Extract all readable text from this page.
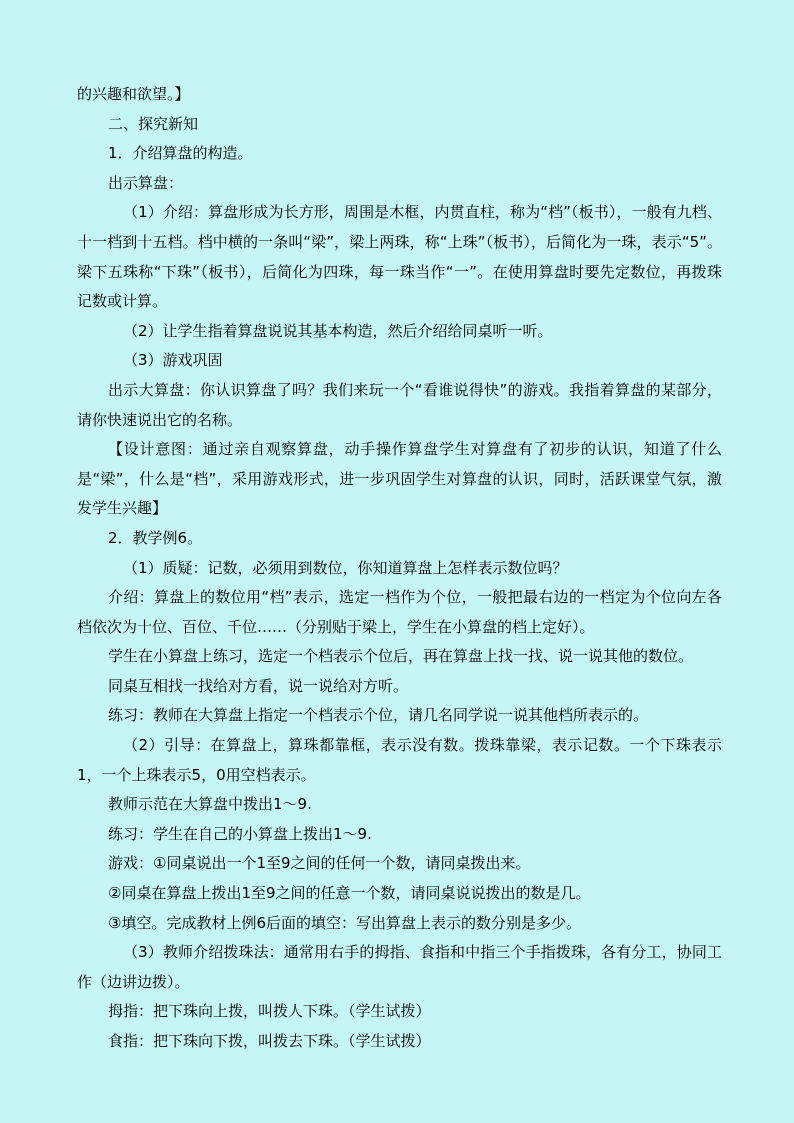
的兴趣和欲望。】

二、探究新知

1．介绍算盘的构造。

出示算盘：

（1）介绍：算盘形成为长方形，周围是木框，内贯直柱，称为“档”（板书），一般有九档、十一档到十五档。档中横的一条叫“梁”，梁上两珠，称“上珠”（板书），后简化为一珠，表示“5”。梁下五珠称“下珠”（板书），后简化为四珠，每一珠当作“一”。在使用算盘时要先定数位，再拨珠记数或计算。

（2）让学生指着算盘说说其基本构造，然后介绍给同桌听一听。

（3）游戏巩固

出示大算盘：你认识算盘了吗？我们来玩一个“看谁说得快”的游戏。我指着算盘的某部分，请你快速说出它的名称。

【设计意图：通过亲自观察算盘，动手操作算盘学生对算盘有了初步的认识，知道了什么是“梁”，什么是“档”，采用游戏形式，进一步巩固学生对算盘的认识，同时，活跃课堂气氛，激发学生兴趣】

2．教学例6。

（1）质疑：记数，必须用到数位，你知道算盘上怎样表示数位吗？

介绍：算盘上的数位用“档”表示，选定一档作为个位，一般把最右边的一档定为个位向左各档依次为十位、百位、千位……（分别贴于梁上，学生在小算盘的档上定好）。

学生在小算盘上练习，选定一个档表示个位后，再在算盘上找一找、说一说其他的数位。

同桌互相找一找给对方看，说一说给对方听。

练习：教师在大算盘上指定一个档表示个位，请几名同学说一说其他档所表示的。

（2）引导：在算盘上，算珠都靠框，表示没有数。拨珠靠梁，表示记数。一个下珠表示1，一个上珠表示5，0用空档表示。

教师示范在大算盘中拨出1～9.

练习：学生在自己的小算盘上拨出1～9.

游戏：①同桌说出一个1至9之间的任何一个数，请同桌拨出来。

②同桌在算盘上拨出1至9之间的任意一个数，请同桌说说拨出的数是几。

③填空。完成教材上例6后面的填空：写出算盘上表示的数分别是多少。

（3）教师介绍拨珠法：通常用右手的拇指、食指和中指三个手指拨珠，各有分工，协同工作（边讲边拨）。

拇指：把下珠向上拨，叫拨人下珠。（学生试拨）

食指：把下珠向下拨，叫拨去下珠。（学生试拨）
